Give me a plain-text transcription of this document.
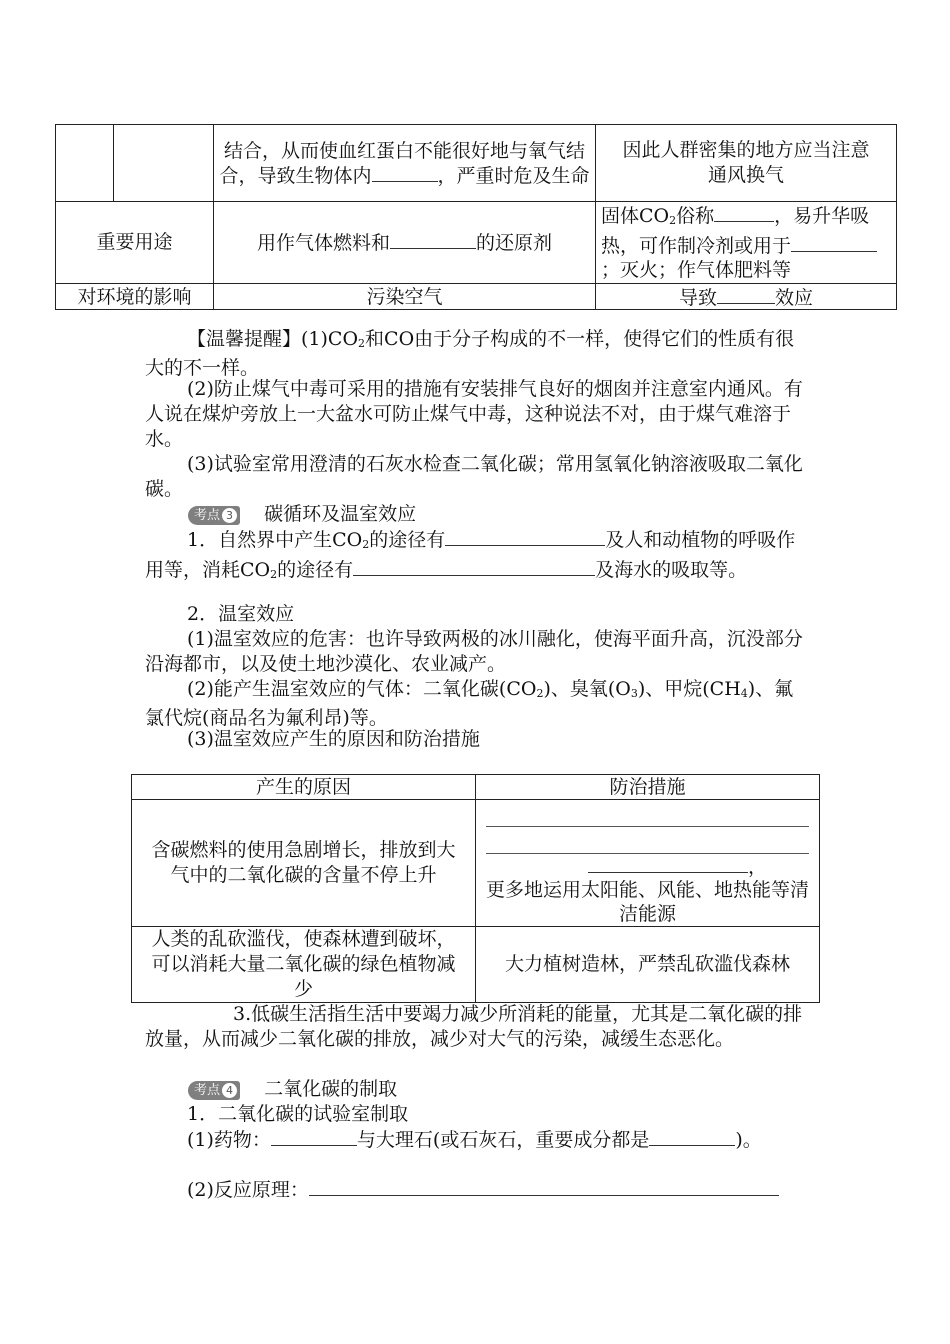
		结合，从而使血红蛋白不能很好地与氧气结合，导致生物体内 ，严重时危及生命	因此人群密集的地方应当注意通风换气
重要用途		用作气体燃料和 的还原剂	固体$CO_2$俗称 ，易升华吸热，可作制冷剂或用于；灭火；作气体肥料等
对环境的影响		污染空气	导致 效应
【温馨提醒】$(1)CO_2$和CO由于分子构成的不一样，使得它们的性质有很大的不一样。
(2)防止煤气中毒可采用的措施有安装排气良好的烟囱并注意室内通风。有人说在煤炉旁放上一大盆水可防止煤气中毒，这种说法不对，由于煤气难溶于水。
(3)试验室常用澄清的石灰水检查二氧化碳；常用氢氧化钠溶液吸取二氧化碳。
考点 3 碳循环及温室效应
1．自然界中产生$CO_2$的途径有	及人和动植物的呼吸作用等，消耗$CO_2$的途径有	及海水的吸取等。
2．温室效应
(1)温室效应的危害：也许导致两极的冰川融化，使海平面升高，沉没部分沿海都市，以及使土地沙漠化、农业减产。
(2)能产生温室效应的气体：二氧化碳$(CO_2)$、臭氧$(O_3)$、甲烷$(CH_4)$、氟氯代烷(商品名为氟利昂)等。
(3)温室效应产生的原因和防治措施
产生的原因	防治措施
含碳燃料的使用急剧增长，排放到大气中的二氧化碳的含量不停上升	，
更多地运用太阳能、风能、地热能等清洁能源

人类的乱砍滥伐，使森林遭到破坏，可以消耗大量二氧化碳的绿色植物减少	大力植树造林，严禁乱砍滥伐森林
3.低碳生活指生活中要竭力减少所消耗的能量，尤其是二氧化碳的排放量，从而减少二氧化碳的排放，减少对大气的污染，减缓生态恶化。
考点 4 二氧化碳的制取
1．二氧化碳的试验室制取
(1)药物：	与大理石(或石灰石，重要成分都是	)。
(2)反应原理：
